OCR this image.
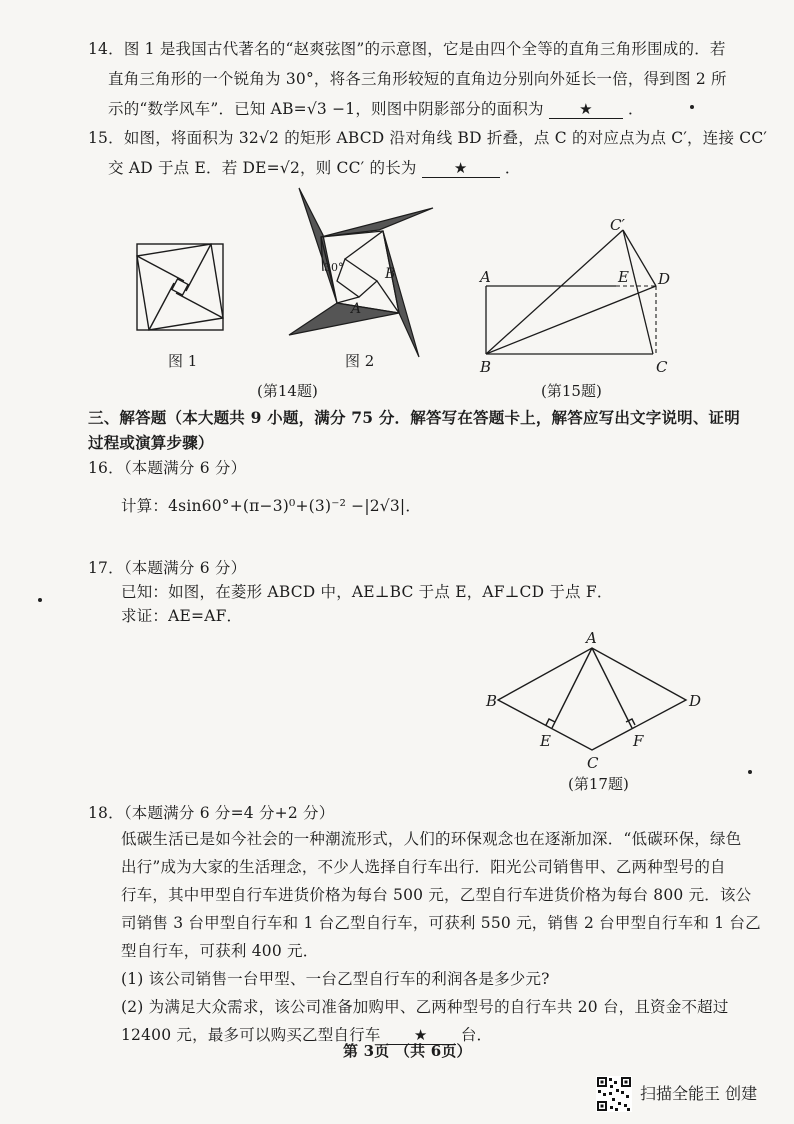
14．图 1 是我国古代著名的“赵爽弦图”的示意图，它是由四个全等的直角三角形围成的．若
直角三角形的一个锐角为 30°，将各三角形较短的直角边分别向外延长一倍，得到图 2 所
示的“数学风车”．已知 AB=√3 −1，则图中阴影部分的面积为 ★ ．
15．如图，将面积为 32√2 的矩形 ABCD 沿对角线 BD 折叠，点 C 的对应点为点 C′，连接 CC′
交 AD 于点 E．若 DE=√2，则 CC′ 的长为 ★ ．
图 1
30°	B
A
图 2
(第14题)
A
B	C
D
E
C′
(第15题)
三、解答题（本大题共 9 小题，满分 75 分．解答写在答题卡上，解答应写出文字说明、证明
过程或演算步骤）
16．（本题满分 6 分）
计算：4sin60°+(π−3)⁰+(3)⁻² −|2√3|．
17．（本题满分 6 分）
已知：如图，在菱形 ABCD 中，AE⊥BC 于点 E，AF⊥CD 于点 F．
求证：AE=AF．
A
B
C
D
E	F
(第17题)
18．（本题满分 6 分=4 分+2 分）
低碳生活已是如今社会的一种潮流形式，人们的环保观念也在逐渐加深．“低碳环保，绿色
出行”成为大家的生活理念，不少人选择自行车出行．阳光公司销售甲、乙两种型号的自
行车，其中甲型自行车进货价格为每台 500 元，乙型自行车进货价格为每台 800 元．该公
司销售 3 台甲型自行车和 1 台乙型自行车，可获利 550 元，销售 2 台甲型自行车和 1 台乙
型自行车，可获利 400 元．
(1) 该公司销售一台甲型、一台乙型自行车的利润各是多少元?
(2) 为满足大众需求，该公司准备加购甲、乙两种型号的自行车共 20 台，且资金不超过
12400 元，最多可以购买乙型自行车 ★ 台．
第 3页 （共 6页）
扫描全能王 创建
